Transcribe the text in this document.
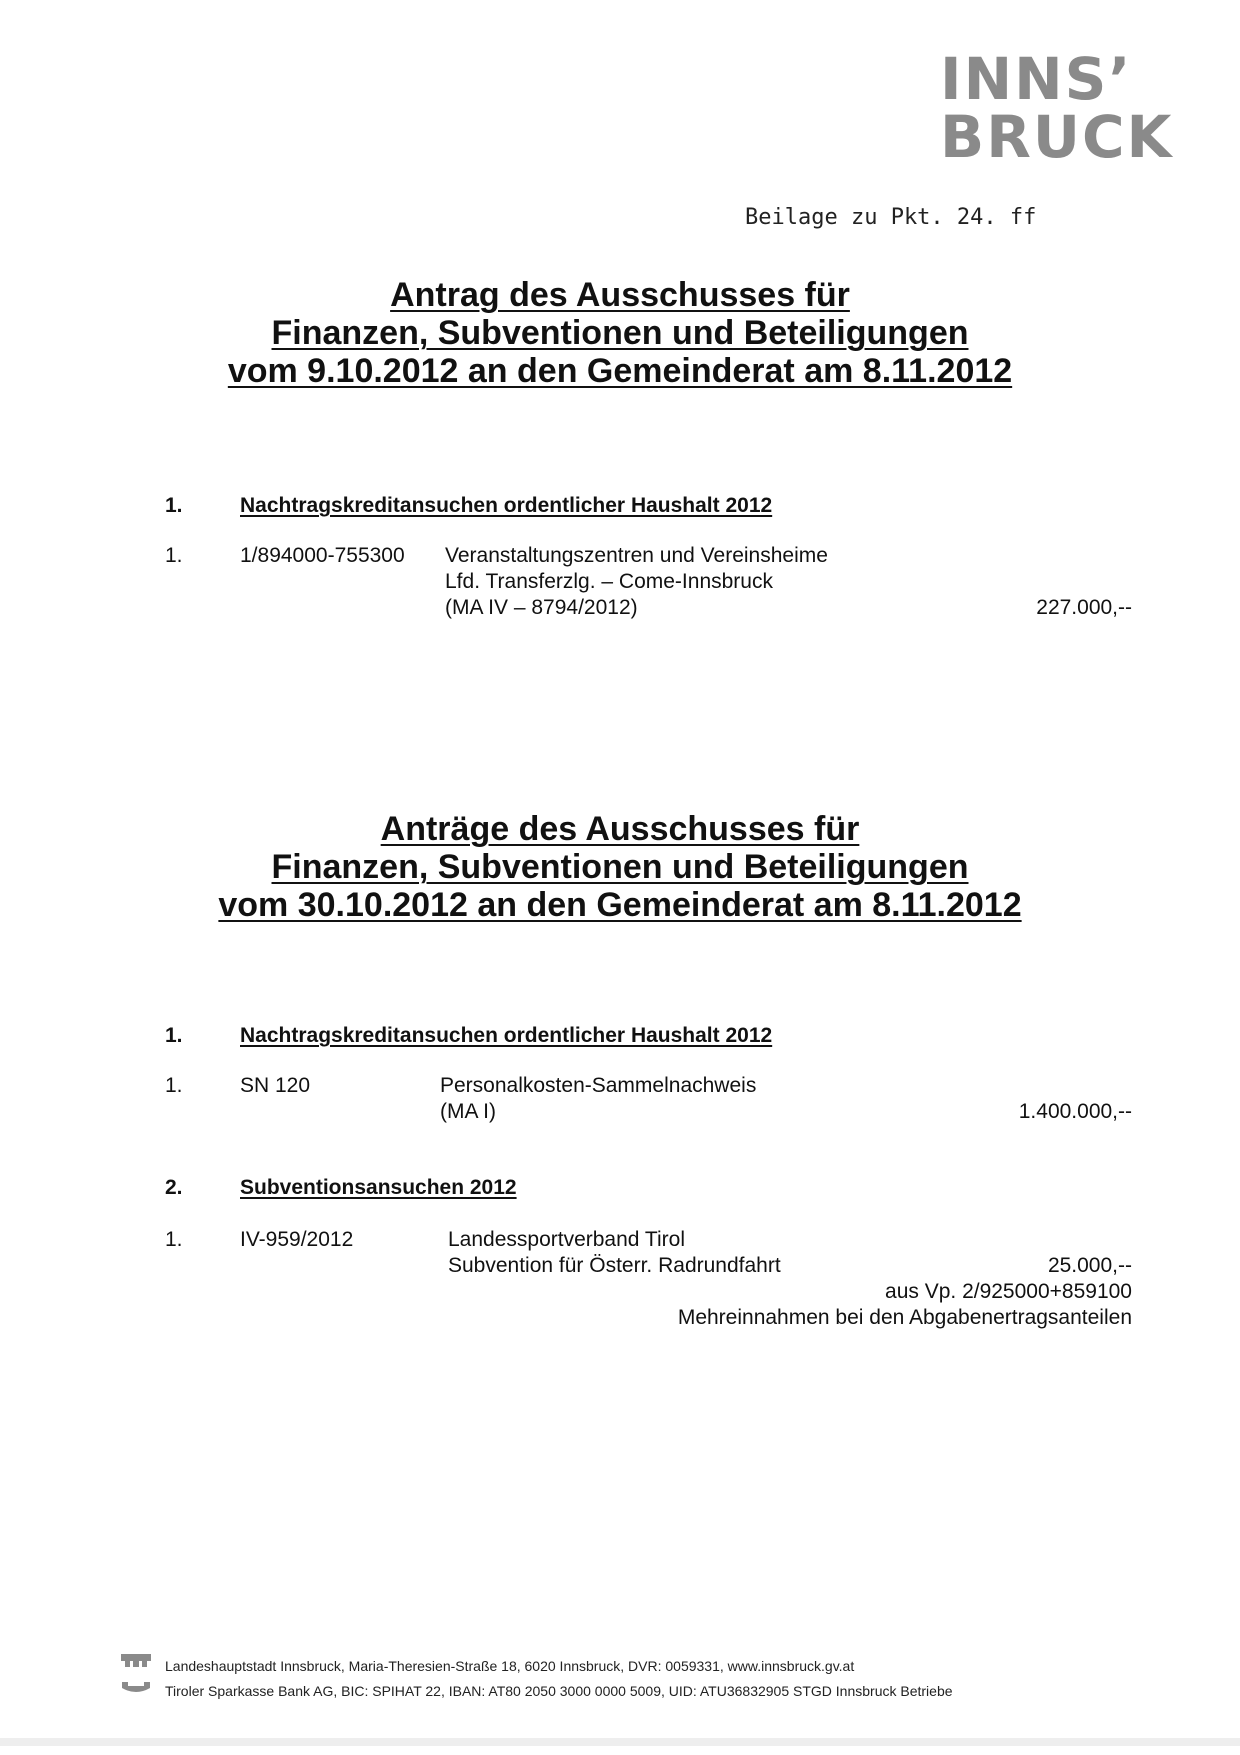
INNS’
BRUCK
Beilage zu Pkt. 24. ff
Antrag des Ausschusses für
Finanzen, Subventionen und Beteiligungen
vom 9.10.2012 an den Gemeinderat am 8.11.2012
1.	Nachtragskreditansuchen ordentlicher Haushalt 2012
1.	1/894000-755300 Veranstaltungszentren und Vereinsheime
Lfd. Transferzlg. – Come-Innsbruck
(MA IV – 8794/2012)	227.000,--
Anträge des Ausschusses für
Finanzen, Subventionen und Beteiligungen
vom 30.10.2012 an den Gemeinderat am 8.11.2012
1.	Nachtragskreditansuchen ordentlicher Haushalt 2012
1.	SN 120	Personalkosten-Sammelnachweis
(MA I)	1.400.000,--
2.	Subventionsansuchen 2012
1.	IV-959/2012	Landessportverband Tirol
Subvention für Österr. Radrundfahrt	25.000,--
aus Vp. 2/925000+859100
Mehreinnahmen bei den Abgabenertragsanteilen
Landeshauptstadt Innsbruck, Maria-Theresien-Straße 18, 6020 Innsbruck, DVR: 0059331, www.innsbruck.gv.at
Tiroler Sparkasse Bank AG, BIC: SPIHAT 22, IBAN: AT80 2050 3000 0000 5009, UID: ATU36832905 STGD Innsbruck Betriebe
